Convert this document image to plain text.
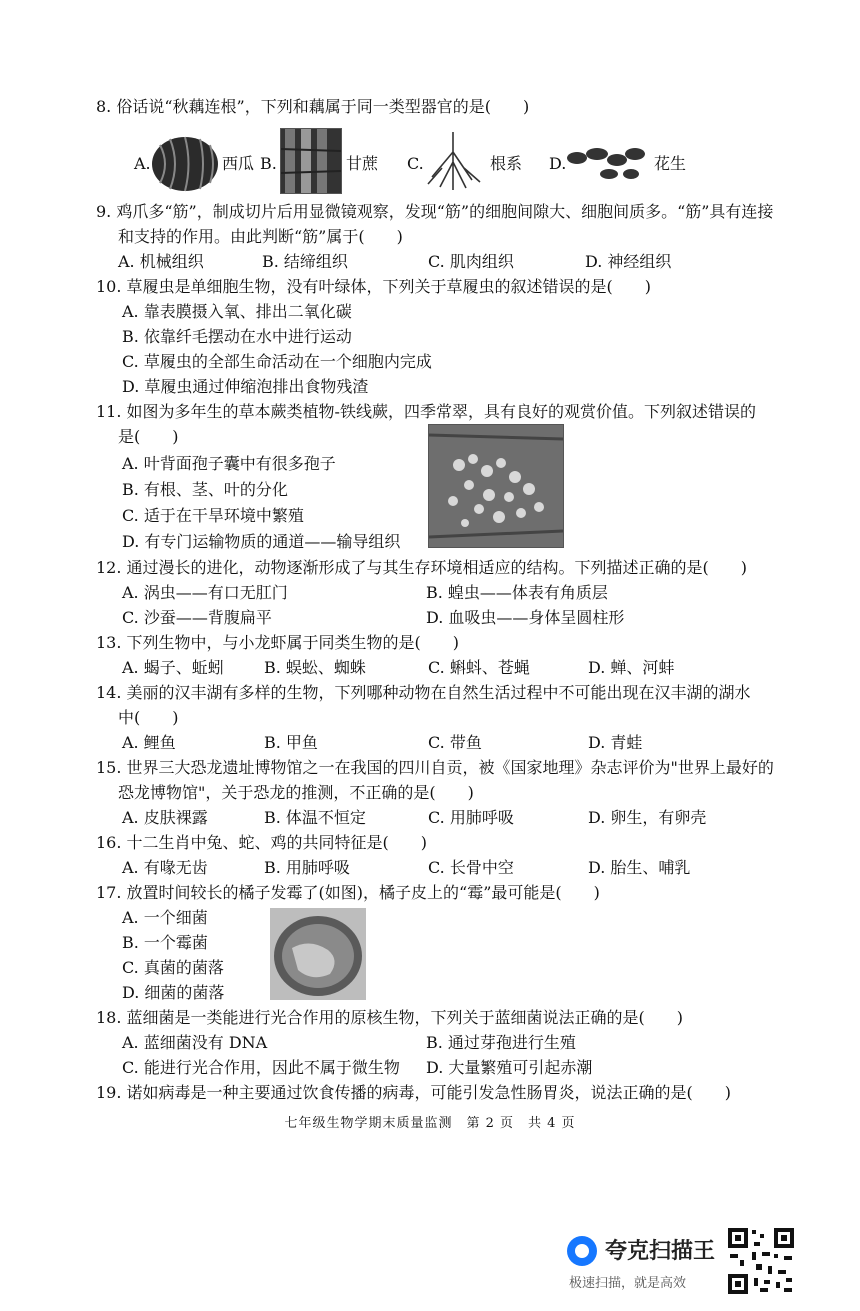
8. 俗话说“秋藕连根”，下列和藕属于同一类型器官的是(　　)
A.	西瓜 B.	甘蔗 C.	根系 D.	花生
9. 鸡爪多“筋”，制成切片后用显微镜观察，发现“筋”的细胞间隙大、细胞间质多。“筋”具有连接
和支持的作用。由此判断“筋”属于(　　)
A. 机械组织	B. 结缔组织	C. 肌肉组织	D. 神经组织
10. 草履虫是单细胞生物，没有叶绿体，下列关于草履虫的叙述错误的是(　　)
A. 靠表膜摄入氧、排出二氧化碳
B. 依靠纤毛摆动在水中进行运动
C. 草履虫的全部生命活动在一个细胞内完成
D. 草履虫通过伸缩泡排出食物残渣
11. 如图为多年生的草本蕨类植物-铁线蕨，四季常翠，具有良好的观赏价值。下列叙述错误的
是(　　)
A. 叶背面孢子囊中有很多孢子
B. 有根、茎、叶的分化
C. 适于在干旱环境中繁殖
D. 有专门运输物质的通道——输导组织
12. 通过漫长的进化，动物逐渐形成了与其生存环境相适应的结构。下列描述正确的是(　　)
A. 涡虫——有口无肛门	B. 蝗虫——体表有角质层
C. 沙蚕——背腹扁平	D. 血吸虫——身体呈圆柱形
13. 下列生物中，与小龙虾属于同类生物的是(　　)
A. 蝎子、蚯蚓	B. 蜈蚣、蜘蛛	C. 蝌蚪、苍蝇	D. 蝉、河蚌
14. 美丽的汉丰湖有多样的生物，下列哪种动物在自然生活过程中不可能出现在汉丰湖的湖水
中(　　)
A. 鲤鱼	B. 甲鱼	C. 带鱼	D. 青蛙
15. 世界三大恐龙遗址博物馆之一在我国的四川自贡，被《国家地理》杂志评价为"世界上最好的
恐龙博物馆"，关于恐龙的推测，不正确的是(　　)
A. 皮肤裸露	B. 体温不恒定	C. 用肺呼吸	D. 卵生，有卵壳
16. 十二生肖中兔、蛇、鸡的共同特征是(　　)
A. 有喙无齿	B. 用肺呼吸	C. 长骨中空	D. 胎生、哺乳
17. 放置时间较长的橘子发霉了(如图)，橘子皮上的“霉”最可能是(　　)
A. 一个细菌
B. 一个霉菌
C. 真菌的菌落
D. 细菌的菌落
18. 蓝细菌是一类能进行光合作用的原核生物，下列关于蓝细菌说法正确的是(　　)
A. 蓝细菌没有 DNA	B. 通过芽孢进行生殖
C. 能进行光合作用，因此不属于微生物 D. 大量繁殖可引起赤潮
19. 诺如病毒是一种主要通过饮食传播的病毒，可能引发急性肠胃炎，说法正确的是(　　)
七年级生物学期末质量监测　第 2 页　共 4 页
夸克扫描王
极速扫描，就是高效
